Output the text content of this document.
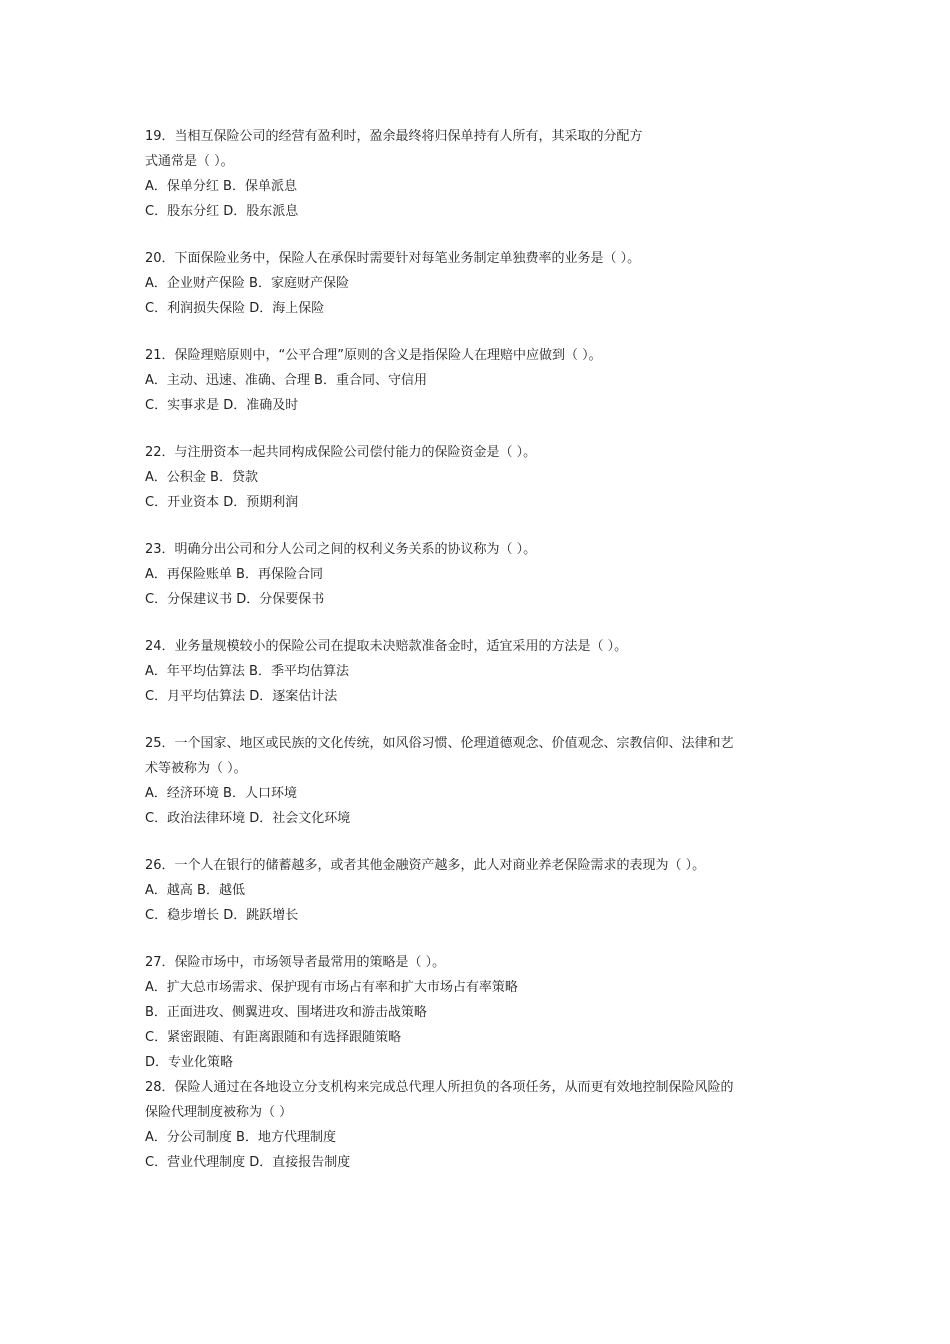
19．当相互保险公司的经营有盈利时，盈余最终将归保单持有人所有，其采取的分配方
式通常是（ ）。
A．保单分红 B．保单派息
C．股东分红 D．股东派息
20．下面保险业务中，保险人在承保时需要针对每笔业务制定单独费率的业务是（ ）。
A．企业财产保险 B．家庭财产保险
C．利润损失保险 D．海上保险
21．保险理赔原则中，“公平合理”原则的含义是指保险人在理赔中应做到（ ）。
A．主动、迅速、准确、合理 B．重合同、守信用
C．实事求是 D．准确及时
22．与注册资本一起共同构成保险公司偿付能力的保险资金是（ ）。
A．公积金 B．贷款
C．开业资本 D．预期利润
23．明确分出公司和分人公司之间的权利义务关系的协议称为（ ）。
A．再保险账单 B．再保险合同
C．分保建议书 D．分保要保书
24．业务量规模较小的保险公司在提取未决赔款准备金时，适宜采用的方法是（ ）。
A．年平均估算法 B．季平均估算法
C．月平均估算法 D．逐案估计法
25．一个国家、地区或民族的文化传统，如风俗习惯、伦理道德观念、价值观念、宗教信仰、法律和艺
术等被称为（ ）。
A．经济环境 B．人口环境
C．政治法律环境 D．社会文化环境
26．一个人在银行的储蓄越多，或者其他金融资产越多，此人对商业养老保险需求的表现为（ ）。
A．越高 B．越低
C．稳步增长 D．跳跃增长
27．保险市场中，市场领导者最常用的策略是（ ）。
A．扩大总市场需求、保护现有市场占有率和扩大市场占有率策略
B．正面进攻、侧翼进攻、围堵进攻和游击战策略
C．紧密跟随、有距离跟随和有选择跟随策略
D．专业化策略
28．保险人通过在各地设立分支机构来完成总代理人所担负的各项任务，从而更有效地控制保险风险的
保险代理制度被称为（ ）
A．分公司制度 B．地方代理制度
C．营业代理制度 D．直接报告制度
